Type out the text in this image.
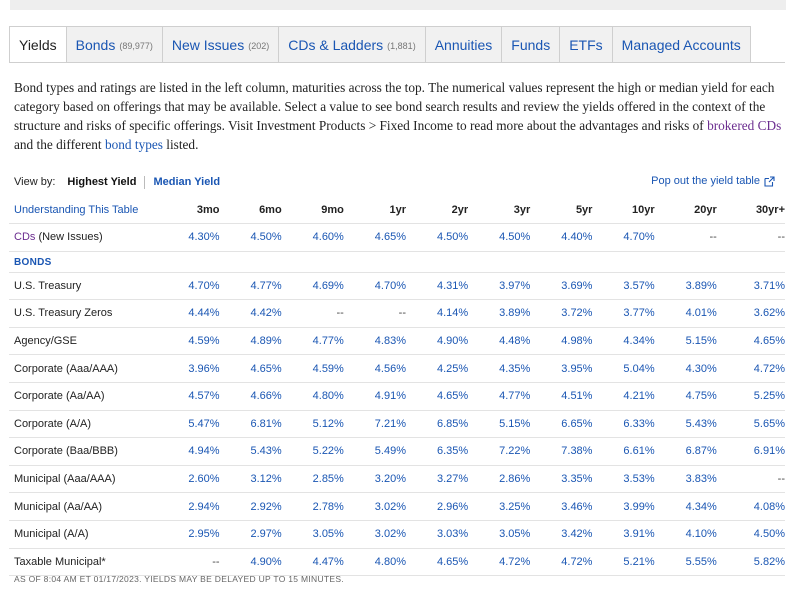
Yields Bonds (89,977) New Issues (202) CDs & Ladders (1,881) Annuities Funds ETFs Managed Accounts
Bond types and ratings are listed in the left column, maturities across the top. The numerical values represent the high or median yield for each category based on offerings that may be available. Select a value to see bond search results and review the yields offered in the context of the structure and risks of specific offerings. Visit Investment Products > Fixed Income to read more about the advantages and risks of brokered CDs and the different bond types listed.
View by: Highest Yield Median Yield	Pop out the yield table
Understanding This Table	3mo	6mo	9mo	1yr	2yr	3yr	5yr	10yr	20yr	30yr+
CDs (New Issues)	4.30%	4.50%	4.60%	4.65%	4.50%	4.50%	4.40%	4.70%	--	--
BONDS										
U.S. Treasury	4.70%	4.77%	4.69%	4.70%	4.31%	3.97%	3.69%	3.57%	3.89%	3.71%
U.S. Treasury Zeros	4.44%	4.42%	--	--	4.14%	3.89%	3.72%	3.77%	4.01%	3.62%
Agency/GSE	4.59%	4.89%	4.77%	4.83%	4.90%	4.48%	4.98%	4.34%	5.15%	4.65%
Corporate (Aaa/AAA)	3.96%	4.65%	4.59%	4.56%	4.25%	4.35%	3.95%	5.04%	4.30%	4.72%
Corporate (Aa/AA)	4.57%	4.66%	4.80%	4.91%	4.65%	4.77%	4.51%	4.21%	4.75%	5.25%
Corporate (A/A)	5.47%	6.81%	5.12%	7.21%	6.85%	5.15%	6.65%	6.33%	5.43%	5.65%
Corporate (Baa/BBB)	4.94%	5.43%	5.22%	5.49%	6.35%	7.22%	7.38%	6.61%	6.87%	6.91%
Municipal (Aaa/AAA)	2.60%	3.12%	2.85%	3.20%	3.27%	2.86%	3.35%	3.53%	3.83%	--
Municipal (Aa/AA)	2.94%	2.92%	2.78%	3.02%	2.96%	3.25%	3.46%	3.99%	4.34%	4.08%
Municipal (A/A)	2.95%	2.97%	3.05%	3.02%	3.03%	3.05%	3.42%	3.91%	4.10%	4.50%
Taxable Municipal*	--	4.90%	4.47%	4.80%	4.65%	4.72%	4.72%	5.21%	5.55%	5.82%
AS OF 8:04 AM ET 01/17/2023. YIELDS MAY BE DELAYED UP TO 15 MINUTES.
